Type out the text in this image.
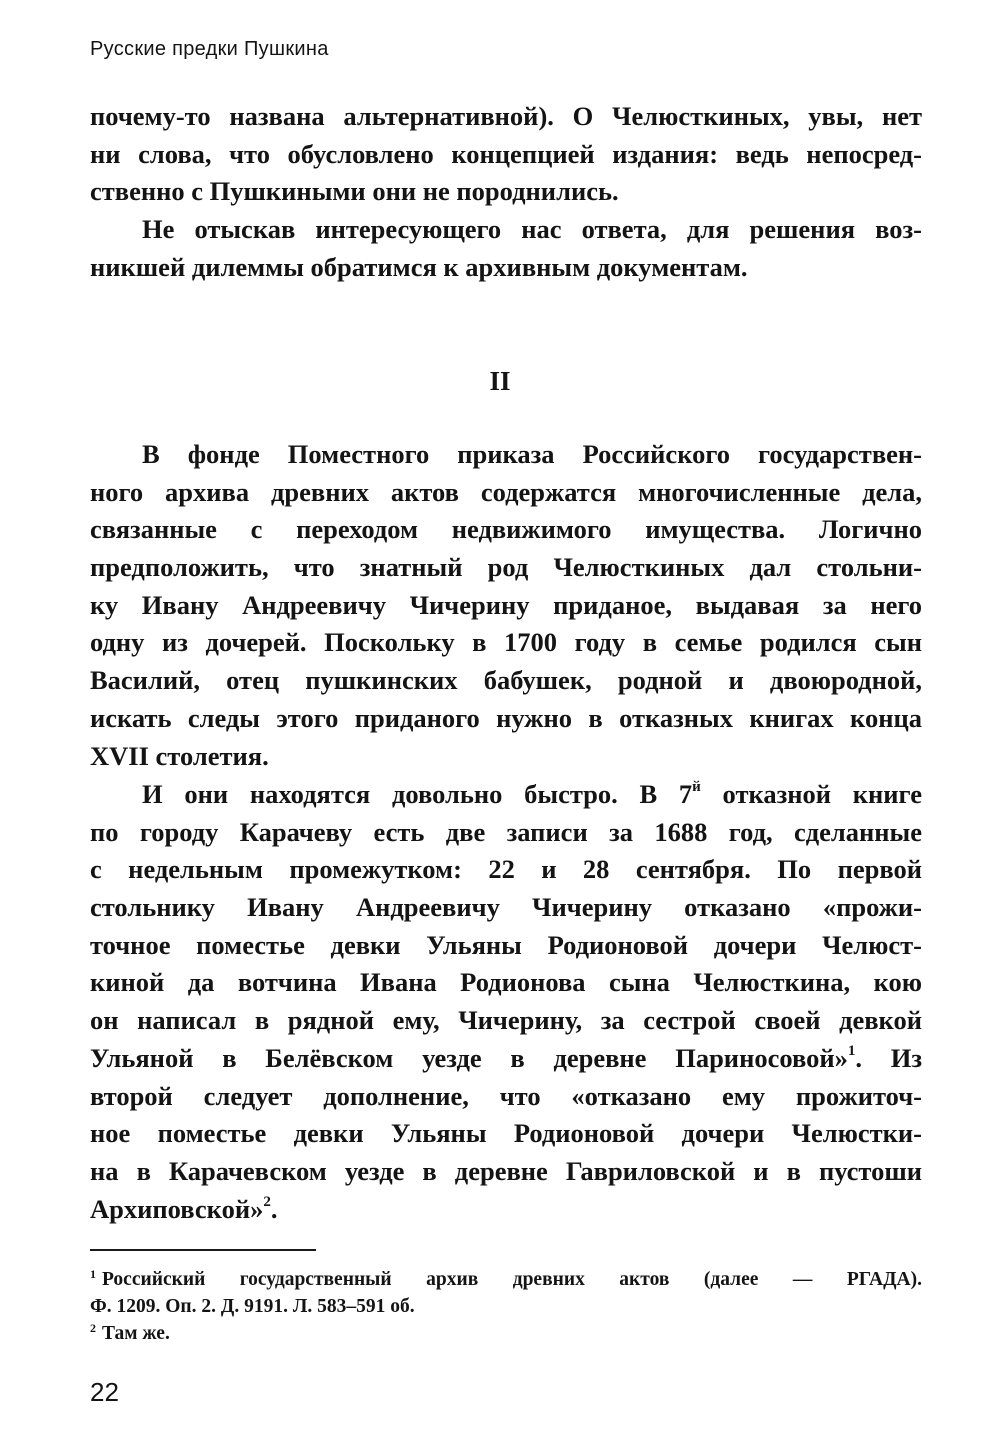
Русские предки Пушкина
почему-то названа альтернативной). О Челюсткиных, увы, нет
ни слова, что обусловлено концепцией издания: ведь непосред-
ственно с Пушкиными они не породнились.
Не отыскав интересующего нас ответа, для решения воз-
никшей дилеммы обратимся к архивным документам.
II
В фонде Поместного приказа Российского государствен-
ного архива древних актов содержатся многочисленные дела,
связанные с переходом недвижимого имущества. Логично
предположить, что знатный род Челюсткиных дал стольни-
ку Ивану Андреевичу Чичерину приданое, выдавая за него
одну из дочерей. Поскольку в 1700 году в семье родился сын
Василий, отец пушкинских бабушек, родной и двоюродной,
искать следы этого приданого нужно в отказных книгах конца
XVII столетия.
И они находятся довольно быстро. В $7^й$ отказной книге
по городу Карачеву есть две записи за 1688 год, сделанные
с недельным промежутком: 22 и 28 сентября. По первой
стольнику Ивану Андреевичу Чичерину отказано «прожи-
точное поместье девки Ульяны Родионовой дочери Челюст-
киной да вотчина Ивана Родионова сына Челюсткина, кою
он написал в рядной ему, Чичерину, за сестрой своей девкой
Ульяной в Белёвском уезде в деревне Париносовой»$^1$. Из
второй следует дополнение, что «отказано ему прожиточ-
ное поместье девки Ульяны Родионовой дочери Челюстки-
на в Карачевском уезде в деревне Гавриловской и в пустоши
Архиповской»$^2$.
$^1$ Российский государственный архив древних актов (далее — РГАДА).
Ф. 1209. Оп. 2. Д. 9191. Л. 583–591 об.
$^2$ Там же.
22
